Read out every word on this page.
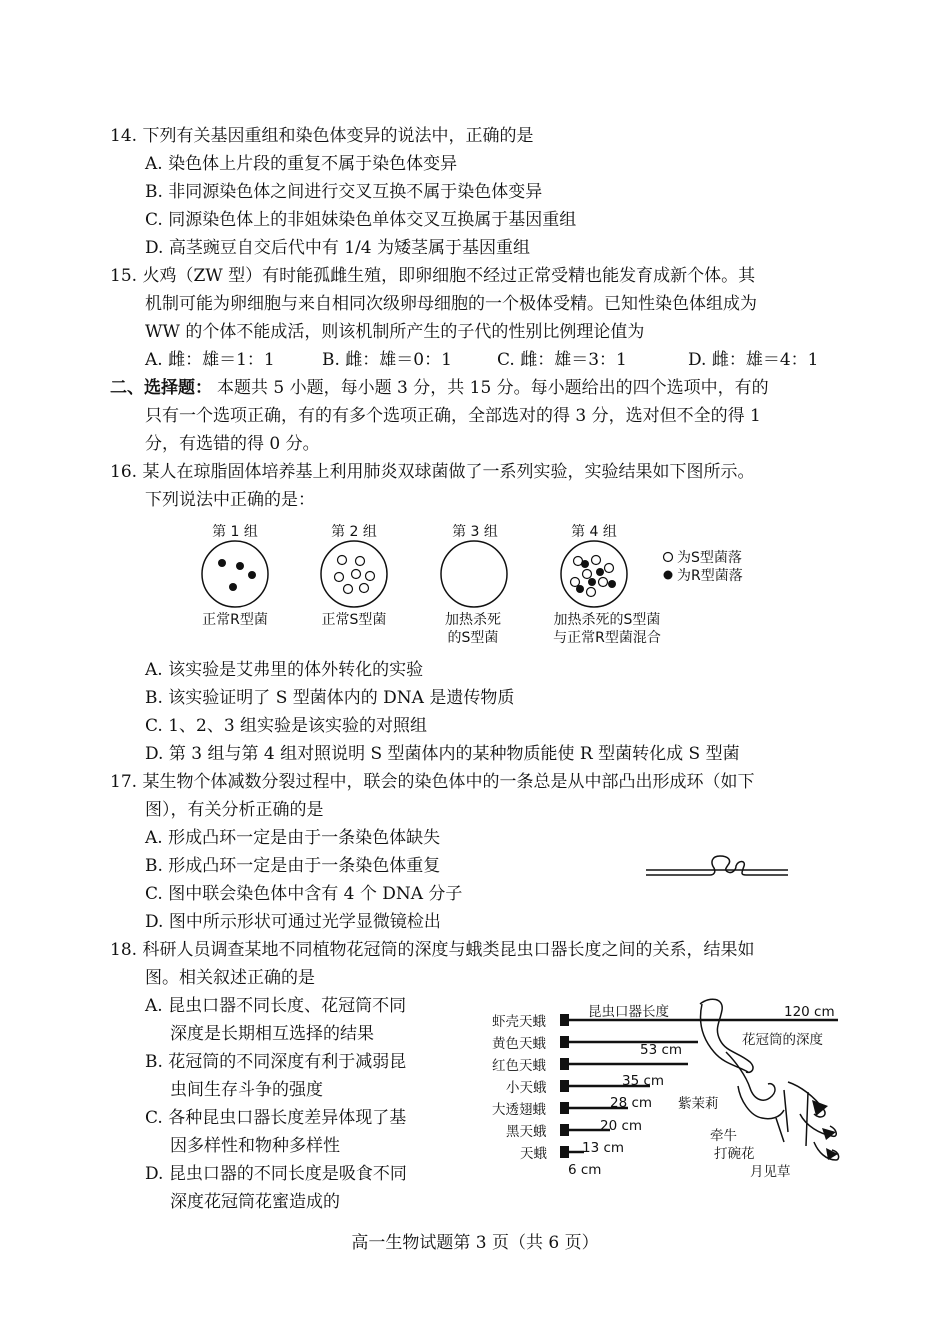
14. 下列有关基因重组和染色体变异的说法中，正确的是
A. 染色体上片段的重复不属于染色体变异
B. 非同源染色体之间进行交叉互换不属于染色体变异
C. 同源染色体上的非姐妹染色单体交叉互换属于基因重组
D. 高茎豌豆自交后代中有 1/4 为矮茎属于基因重组
15. 火鸡（ZW 型）有时能孤雌生殖，即卵细胞不经过正常受精也能发育成新个体。其
机制可能为卵细胞与来自相同次级卵母细胞的一个极体受精。已知性染色体组成为
WW 的个体不能成活，则该机制所产生的子代的性别比例理论值为
A. 雌：雄＝1：1	B. 雌：雄＝0：1	C. 雌：雄＝3：1	D. 雌：雄＝4：1
二、选择题： 本题共 5 小题，每小题 3 分，共 15 分。每小题给出的四个选项中，有的
只有一个选项正确，有的有多个选项正确，全部选对的得 3 分，选对但不全的得 1
分，有选错的得 0 分。
16. 某人在琼脂固体培养基上利用肺炎双球菌做了一系列实验，实验结果如下图所示。
下列说法中正确的是：
第 1 组	第 2 组	第 3 组	第 4 组
正常R型菌	正常S型菌	加热杀死
的S型菌
加热杀死的S型菌
与正常R型菌混合
为S型菌落
为R型菌落
A. 该实验是艾弗里的体外转化的实验
B. 该实验证明了 S 型菌体内的 DNA 是遗传物质
C. 1、2、3 组实验是该实验的对照组
D. 第 3 组与第 4 组对照说明 S 型菌体内的某种物质能使 R 型菌转化成 S 型菌
17. 某生物个体减数分裂过程中，联会的染色体中的一条总是从中部凸出形成环（如下
图），有关分析正确的是
A. 形成凸环一定是由于一条染色体缺失
B. 形成凸环一定是由于一条染色体重复
C. 图中联会染色体中含有 4 个 DNA 分子
D. 图中所示形状可通过光学显微镜检出
18. 科研人员调查某地不同植物花冠筒的深度与蛾类昆虫口器长度之间的关系，结果如
图。相关叙述正确的是
A. 昆虫口器不同长度、花冠筒不同
深度是长期相互选择的结果
B. 花冠筒的不同深度有利于减弱昆
虫间生存斗争的强度
C. 各种昆虫口器长度差异体现了基
因多样性和物种多样性
D. 昆虫口器的不同长度是吸食不同
深度花冠筒花蜜造成的
昆虫口器长度	120 cm
花冠筒的深度
虾壳天蛾
黄色天蛾
红色天蛾
小天蛾
大透翅蛾
黑天蛾
天蛾
53 cm
35 cm
28 cm
20 cm
13 cm
6 cm
紫茉莉
牵牛
打碗花
月见草
高一生物试题第 3 页（共 6 页）
